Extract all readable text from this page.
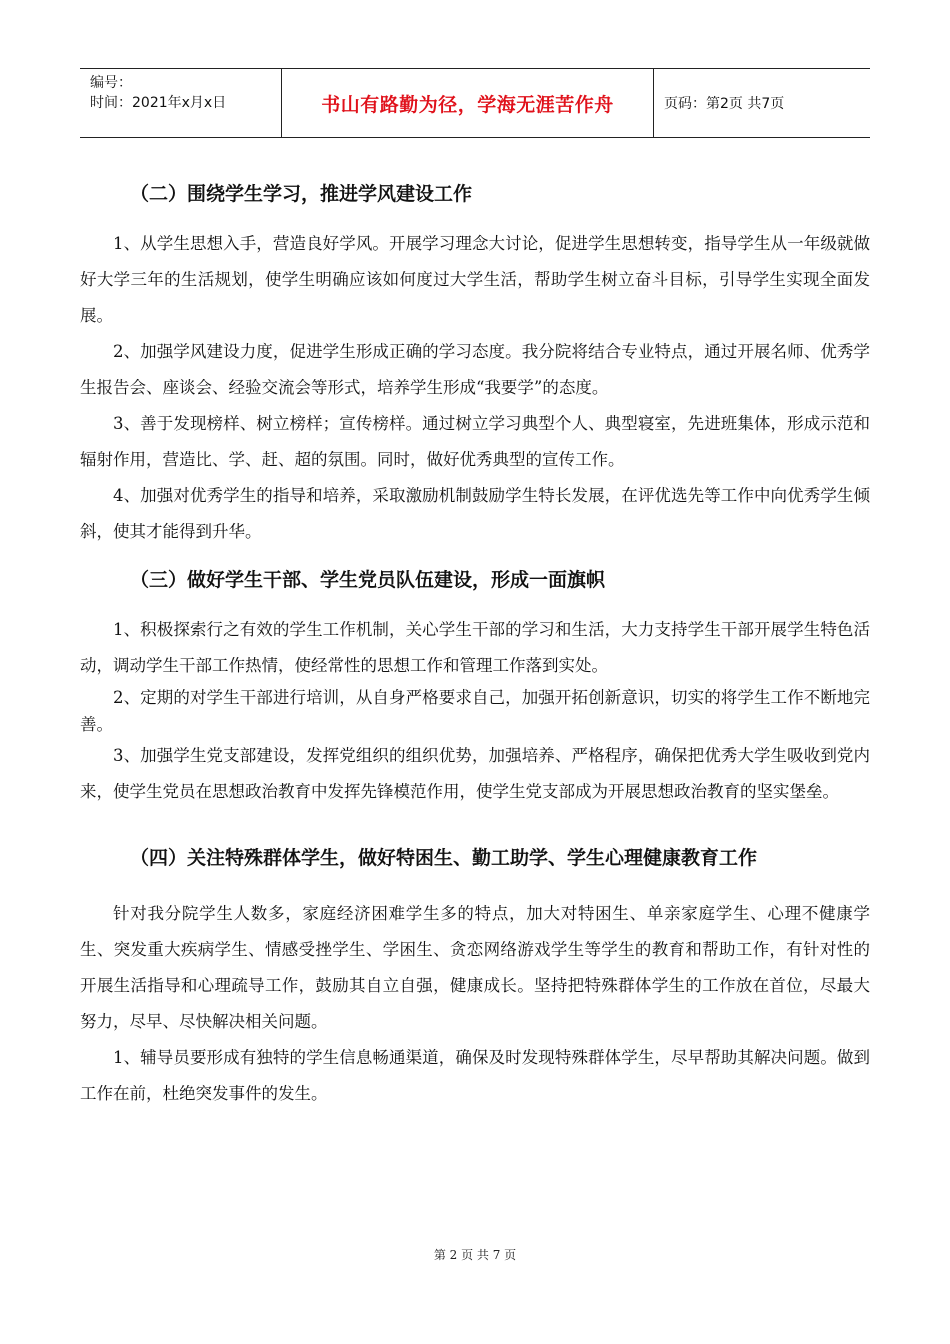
编号：
时间：2021年x月x日	书山有路勤为径，学海无涯苦作舟	页码：第2页 共7页
（二）围绕学生学习，推进学风建设工作

1、从学生思想入手，营造良好学风。开展学习理念大讨论，促进学生思想转变，指导学生从一年级就做好大学三年的生活规划，使学生明确应该如何度过大学生活，帮助学生树立奋斗目标，引导学生实现全面发展。

2、加强学风建设力度，促进学生形成正确的学习态度。我分院将结合专业特点，通过开展名师、优秀学生报告会、座谈会、经验交流会等形式，培养学生形成“我要学”的态度。

3、善于发现榜样、树立榜样；宣传榜样。通过树立学习典型个人、典型寝室，先进班集体，形成示范和辐射作用，营造比、学、赶、超的氛围。同时，做好优秀典型的宣传工作。

4、加强对优秀学生的指导和培养，采取激励机制鼓励学生特长发展，在评优选先等工作中向优秀学生倾斜，使其才能得到升华。

（三）做好学生干部、学生党员队伍建设，形成一面旗帜

1、积极探索行之有效的学生工作机制，关心学生干部的学习和生活，大力支持学生干部开展学生特色活动，调动学生干部工作热情，使经常性的思想工作和管理工作落到实处。

2、定期的对学生干部进行培训，从自身严格要求自己，加强开拓创新意识，切实的将学生工作不断地完善。

3、加强学生党支部建设，发挥党组织的组织优势，加强培养、严格程序，确保把优秀大学生吸收到党内来，使学生党员在思想政治教育中发挥先锋模范作用，使学生党支部成为开展思想政治教育的坚实堡垒。

（四）关注特殊群体学生，做好特困生、勤工助学、学生心理健康教育工作

针对我分院学生人数多，家庭经济困难学生多的特点，加大对特困生、单亲家庭学生、心理不健康学生、突发重大疾病学生、情感受挫学生、学困生、贪恋网络游戏学生等学生的教育和帮助工作，有针对性的开展生活指导和心理疏导工作，鼓励其自立自强，健康成长。坚持把特殊群体学生的工作放在首位，尽最大努力，尽早、尽快解决相关问题。

1、辅导员要形成有独特的学生信息畅通渠道，确保及时发现特殊群体学生，尽早帮助其解决问题。做到工作在前，杜绝突发事件的发生。

第 2 页 共 7 页
